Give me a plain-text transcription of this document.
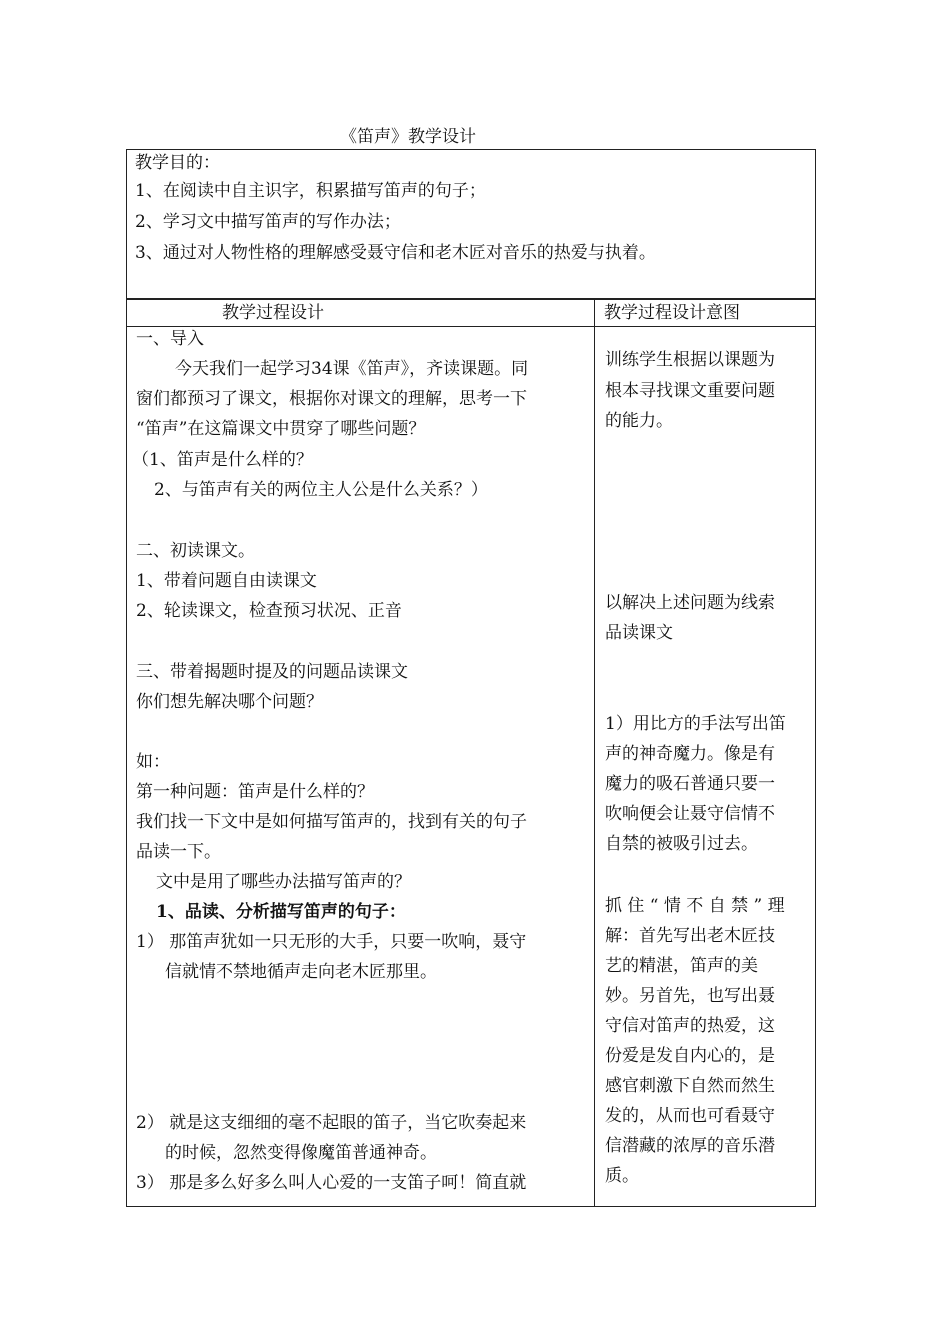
《笛声》教学设计
教学目的：
1、在阅读中自主识字，积累描写笛声的句子；
2、学习文中描写笛声的写作办法；
3、通过对人物性格的理解感受聂守信和老木匠对音乐的热爱与执着。
教学过程设计	教学过程设计意图
一、导入
今天我们一起学习34课《笛声》，齐读课题。同
窗们都预习了课文，根据你对课文的理解，思考一下
“笛声”在这篇课文中贯穿了哪些问题？
（1、笛声是什么样的？
2、与笛声有关的两位主人公是什么关系？）
二、初读课文。
1、带着问题自由读课文
2、轮读课文，检查预习状况、正音
三、带着揭题时提及的问题品读课文
你们想先解决哪个问题？
如：
第一种问题：笛声是什么样的？
我们找一下文中是如何描写笛声的，找到有关的句子
品读一下。
文中是用了哪些办法描写笛声的？
1、品读、分析描写笛声的句子：
1） 那笛声犹如一只无形的大手，只要一吹响，聂守
信就情不禁地循声走向老木匠那里。
2） 就是这支细细的毫不起眼的笛子，当它吹奏起来
的时候，忽然变得像魔笛普通神奇。
3） 那是多么好多么叫人心爱的一支笛子呵！简直就
训练学生根据以课题为
根本寻找课文重要问题
的能力。
以解决上述问题为线索
品读课文
1）用比方的手法写出笛
声的神奇魔力。像是有
魔力的吸石普通只要一
吹响便会让聂守信情不
自禁的被吸引过去。
抓 住 “ 情 不 自 禁 ” 理
解：首先写出老木匠技
艺的精湛，笛声的美
妙。另首先，也写出聂
守信对笛声的热爱，这
份爱是发自内心的，是
感官刺激下自然而然生
发的，从而也可看聂守
信潜藏的浓厚的音乐潜
质。
